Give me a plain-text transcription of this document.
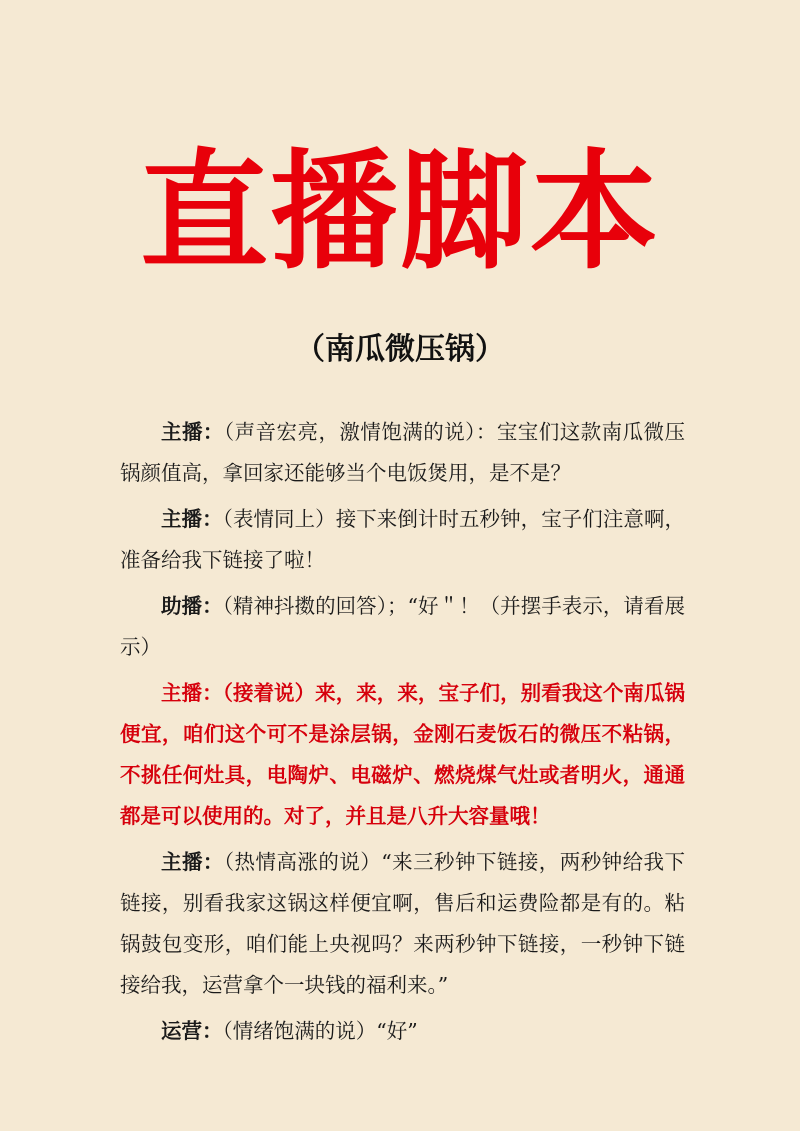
直播脚本
（南瓜微压锅）

主播：（声音宏亮，激情饱满的说）：宝宝们这款南瓜微压锅颜值高，拿回家还能够当个电饭煲用，是不是？

主播：（表情同上）接下来倒计时五秒钟，宝子们注意啊，准备给我下链接了啦！

助播：（精神抖擞的回答）；“好＂！（并摆手表示，请看展示）

主播：（接着说）来，来，来，宝子们，别看我这个南瓜锅便宜，咱们这个可不是涂层锅，金刚石麦饭石的微压不粘锅，不挑任何灶具，电陶炉、电磁炉、燃烧煤气灶或者明火，通通都是可以使用的。对了，并且是八升大容量哦！

主播：（热情高涨的说）“来三秒钟下链接，两秒钟给我下链接，别看我家这锅这样便宜啊，售后和运费险都是有的。粘锅鼓包变形，咱们能上央视吗？来两秒钟下链接，一秒钟下链接给我，运营拿个一块钱的福利来。”

运营：（情绪饱满的说）“好”
